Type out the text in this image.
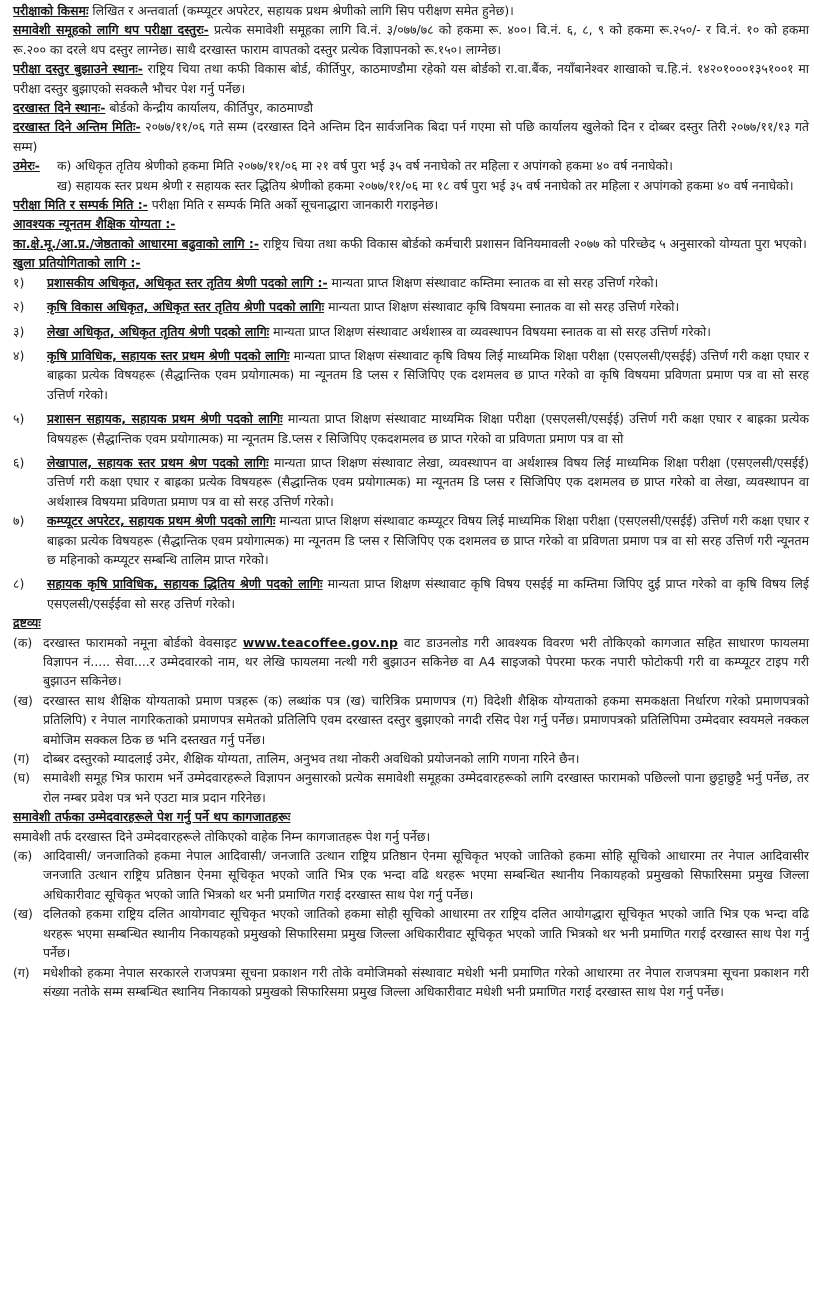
परीक्षाको किसमः लिखित र अन्तवार्ता (कम्प्यूटर अपरेटर, सहायक प्रथम श्रेणीको लागि सिप परीक्षण समेत हुनेछ)।

समावेशी समूहको लागि थप परीक्षा दस्तुरः- प्रत्येक समावेशी समूहका लागि वि.नं. ३/०७७/७८ को हकमा रू. ४००। वि.नं. ६, ८, ९ को हकमा रू.२५०/- र वि.नं. १० को हकमा रू.२०० का दरले थप दस्तुर लाग्नेछ। साथै दरखास्त फाराम वापतको दस्तुर प्रत्येक विज्ञापनको रू.१५०। लाग्नेछ।

परीक्षा दस्तुर बुझाउने स्थानः- राष्ट्रिय चिया तथा कफी विकास बोर्ड, कीर्तिपुर, काठमाण्डौमा रहेको यस बोर्डको रा.वा.बैंक, नयाँबानेश्वर शाखाको च.हि.नं. १४२०१०००१३५१००१ मा परीक्षा दस्तुर बुझाएको सक्कलै भौचर पेश गर्नु पर्नेछ।

दरखास्त दिने स्थानः- बोर्डको केन्द्रीय कार्यालय, कीर्तिपुर, काठमाण्डौ

दरखास्त दिने अन्तिम मितिः- २०७७/११/०६ गते सम्म (दरखास्त दिने अन्तिम दिन सार्वजनिक बिदा पर्न गएमा सो पछि कार्यालय खुलेको दिन र दोब्बर दस्तुर तिरी २०७७/११/१३ गते सम्म)

उमेरः-	क) अधिकृत तृतिय श्रेणीको हकमा मिति २०७७/११/०६ मा २१ वर्ष पुरा भई ३५ वर्ष ननाघेको तर महिला र अपांगको हकमा ४० वर्ष ननाघेको।

ख) सहायक स्तर प्रथम श्रेणी र सहायक स्तर द्धितिय श्रेणीको हकमा २०७७/११/०६ मा १८ वर्ष पुरा भई ३५ वर्ष ननाघेको तर महिला र अपांगको हकमा ४० वर्ष ननाघेको।

परीक्षा मिति र सम्पर्क मिति :- परीक्षा मिति र सम्पर्क मिति अर्को सूचनाद्धारा जानकारी गराइनेछ।

आवश्यक न्यूनतम शैक्षिक योग्यता :-

का.क्षे.मू./आ.प्र./जेष्ठताको आधारमा बढुवाको लागि :- राष्ट्रिय चिया तथा कफी विकास बोर्डको कर्मचारी प्रशासन विनियमावली २०७७ को परिच्छेद ५ अनुसारको योग्यता पुरा भएको।

खुला प्रतियोगिताको लागि :-

१)	प्रशासकीय अधिकृत, अधिकृत स्तर तृतिय श्रेणी पदको लागि :- मान्यता प्राप्त शिक्षण संस्थावाट कम्तिमा स्नातक वा सो सरह उत्तिर्ण गरेको।
२)	कृषि विकास अधिकृत, अधिकृत स्तर तृतिय श्रेणी पदको लागिः मान्यता प्राप्त शिक्षण संस्थावाट कृषि विषयमा स्नातक वा सो सरह उत्तिर्ण गरेको।
३)	लेखा अधिकृत, अधिकृत तृतिय श्रेणी पदको लागिः मान्यता प्राप्त शिक्षण संस्थावाट अर्थशास्त्र वा व्यवस्थापन विषयमा स्नातक वा सो सरह उत्तिर्ण गरेको।
४)	कृषि प्राविधिक, सहायक स्तर प्रथम श्रेणी पदको लागिः मान्यता प्राप्त शिक्षण संस्थावाट कृषि विषय लिई माध्यमिक शिक्षा परीक्षा (एसएलसी/एसईई) उत्तिर्ण गरी कक्षा एघार र बाह्रका प्रत्येक विषयहरू (सैद्धान्तिक एवम प्रयोगात्मक) मा न्यूनतम डि प्लस र सिजिपिए एक दशमलव छ प्राप्त गरेको वा कृषि विषयमा प्रविणता प्रमाण पत्र वा सो सरह उत्तिर्ण गरेको।
५)	प्रशासन सहायक, सहायक प्रथम श्रेणी पदको लागिः मान्यता प्राप्त शिक्षण संस्थावाट माध्यमिक शिक्षा परीक्षा (एसएलसी/एसईई) उत्तिर्ण गरी कक्षा एघार र बाह्रका प्रत्येक विषयहरू (सैद्धान्तिक एवम प्रयोगात्मक) मा न्यूनतम डि.प्लस र सिजिपिए एकदशमलव छ प्राप्त गरेको वा प्रविणता प्रमाण पत्र वा सो
६)	लेखापाल, सहायक स्तर प्रथम श्रेण पदको लागिः मान्यता प्राप्त शिक्षण संस्थावाट लेखा, व्यवस्थापन वा अर्थशास्त्र विषय लिई माध्यमिक शिक्षा परीक्षा (एसएलसी/एसईई) उत्तिर्ण गरी कक्षा एघार र बाह्रका प्रत्येक विषयहरू (सैद्धान्तिक एवम प्रयोगात्मक) मा न्यूनतम डि प्लस र सिजिपिए एक दशमलव छ प्राप्त गरेको वा लेखा, व्यवस्थापन वा अर्थशास्त्र विषयमा प्रविणता प्रमाण पत्र वा सो सरह उत्तिर्ण गरेको।
७)	कम्प्यूटर अपरेटर, सहायक प्रथम श्रेणी पदको लागिः मान्यता प्राप्त शिक्षण संस्थावाट कम्प्यूटर विषय लिई माध्यमिक शिक्षा परीक्षा (एसएलसी/एसईई) उत्तिर्ण गरी कक्षा एघार र बाह्रका प्रत्येक विषयहरू (सैद्धान्तिक एवम प्रयोगात्मक) मा न्यूनतम डि प्लस र सिजिपिए एक दशमलव छ प्राप्त गरेको वा प्रविणता प्रमाण पत्र वा सो सरह उत्तिर्ण गरी न्यूनतम छ महिनाको कम्प्यूटर सम्बन्धि तालिम प्राप्त गरेको।
८)	सहायक कृषि प्राविधिक, सहायक द्धितिय श्रेणी पदको लागिः मान्यता प्राप्त शिक्षण संस्थावाट कृषि विषय एसईई मा कम्तिमा जिपिए दुई प्राप्त गरेको वा कृषि विषय लिई एसएलसी/एसईईवा सो सरह उत्तिर्ण गरेको।

द्रष्टव्यः

(क) दरखास्त फारामको नमूना बोर्डको वेवसाइट www.teacoffee.gov.np वाट डाउनलोड गरी आवश्यक विवरण भरी तोकिएको कागजात सहित साधारण फायलमा विज्ञापन नं..... सेवा....र उम्मेदवारको नाम, थर लेखि फायलमा नत्थी गरी बुझाउन सकिनेछ वा A4 साइजको पेपरमा फरक नपारी फोटोकपी गरी वा कम्प्यूटर टाइप गरी बुझाउन सकिनेछ।
(ख) दरखास्त साथ शैक्षिक योग्यताको प्रमाण पत्रहरू (क) लब्धांक पत्र (ख) चारित्रिक प्रमाणपत्र (ग) विदेशी शैक्षिक योग्यताको हकमा समकक्षता निर्धारण गरेको प्रमाणपत्रको प्रतिलिपि) र नेपाल नागरिकताको प्रमाणपत्र समेतको प्रतिलिपि एवम दरखास्त दस्तुर बुझाएको नगदी रसिद पेश गर्नु पर्नेछ। प्रमाणपत्रको प्रतिलिपिमा उम्मेदवार स्वयमले नक्कल बमोजिम सक्कल ठिक छ भनि दस्तखत गर्नु पर्नेछ।
(ग)	दोब्बर दस्तुरको म्यादलाई उमेर, शैक्षिक योग्यता, तालिम, अनुभव तथा नोकरी अवधिको प्रयोजनको लागि गणना गरिने छैन।
(घ)	समावेशी समूह भित्र फाराम भर्ने उम्मेदवारहरूले विज्ञापन अनुसारको प्रत्येक समावेशी समूहका उम्मेदवारहरूको लागि दरखास्त फारामको पछिल्लो पाना छुट्टाछुट्टै भर्नु पर्नेछ, तर रोल नम्बर प्रवेश पत्र भने एउटा मात्र प्रदान गरिनेछ।

समावेशी तर्फका उम्मेदवारहरूले पेश गर्नु पर्ने थप कागजातहरूः

समावेशी तर्फ दरखास्त दिने उम्मेदवारहरूले तोकिएको वाहेक निम्न कागजातहरू पेश गर्नु पर्नेछ।

(क) आदिवासी/ जनजातिको हकमा नेपाल आदिवासी/ जनजाति उत्थान राष्ट्रिय प्रतिष्ठान ऐनमा सूचिकृत भएको जातिको हकमा सोहि सूचिको आधारमा तर नेपाल आदिवासीर जनजाति उत्थान राष्ट्रिय प्रतिष्ठान ऐनमा सूचिकृत भएको जाति भित्र एक भन्दा वढि थरहरू भएमा सम्बन्धित स्थानीय निकायहको प्रमुखको सिफारिसमा प्रमुख जिल्ला अधिकारीवाट सूचिकृत भएको जाति भित्रको थर भनी प्रमाणित गराई दरखास्त साथ पेश गर्नु पर्नेछ।
(ख) दलितको हकमा राष्ट्रिय दलित आयोगवाट सूचिकृत भएको जातिको हकमा सोही सूचिको आधारमा तर राष्ट्रिय दलित आयोगद्धारा सूचिकृत भएको जाति भित्र एक भन्दा वढि थरहरू भएमा सम्बन्धित स्थानीय निकायहको प्रमुखको सिफारिसमा प्रमुख जिल्ला अधिकारीवाट सूचिकृत भएको जाति भित्रको थर भनी प्रमाणित गराई दरखास्त साथ पेश गर्नु पर्नेछ।
(ग)	मधेशीको हकमा नेपाल सरकारले राजपत्रमा सूचना प्रकाशन गरी तोके वमोजिमको संस्थावाट मधेशी भनी प्रमाणित गरेको आधारमा तर नेपाल राजपत्रमा सूचना प्रकाशन गरी संख्या नतोके सम्म सम्बन्धित स्थानिय निकायको प्रमुखको सिफारिसमा प्रमुख जिल्ला अधिकारीवाट मधेशी भनी प्रमाणित गराई दरखास्त साथ पेश गर्नु पर्नेछ।
